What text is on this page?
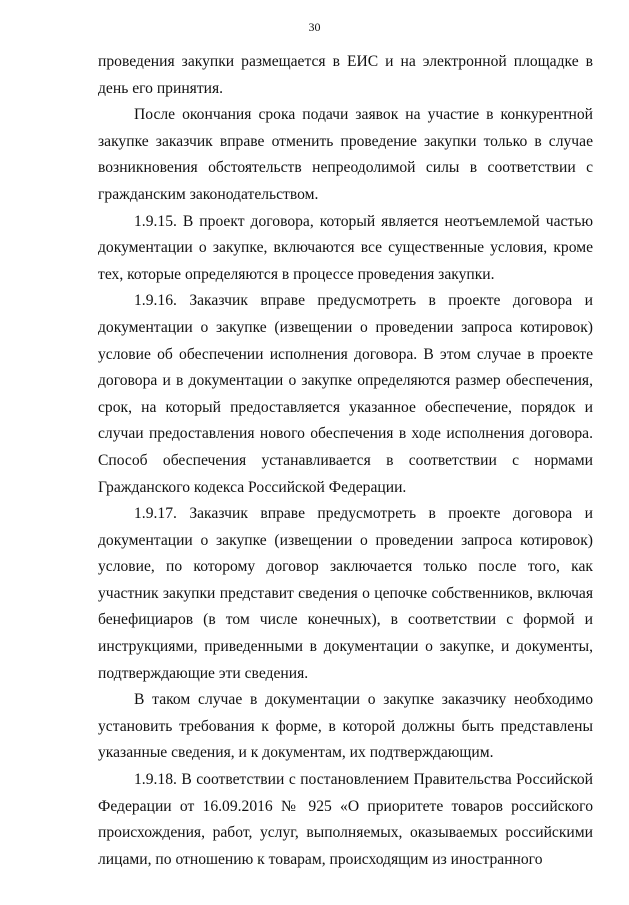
30

проведения закупки размещается в ЕИС и на электронной площадке в день его принятия.

После окончания срока подачи заявок на участие в конкурентной закупке заказчик вправе отменить проведение закупки только в случае возникновения обстоятельств непреодолимой силы в соответствии с гражданским законодательством.

1.9.15. В проект договора, который является неотъемлемой частью документации о закупке, включаются все существенные условия, кроме тех, которые определяются в процессе проведения закупки.

1.9.16. Заказчик вправе предусмотреть в проекте договора и документации о закупке (извещении о проведении запроса котировок) условие об обеспечении исполнения договора. В этом случае в проекте договора и в документации о закупке определяются размер обеспечения, срок, на который предоставляется указанное обеспечение, порядок и случаи предоставления нового обеспечения в ходе исполнения договора. Способ обеспечения устанавливается в соответствии с нормами Гражданского кодекса Российской Федерации.

1.9.17. Заказчик вправе предусмотреть в проекте договора и документации о закупке (извещении о проведении запроса котировок) условие, по которому договор заключается только после того, как участник закупки представит сведения о цепочке собственников, включая бенефициаров (в том числе конечных), в соответствии с формой и инструкциями, приведенными в документации о закупке, и документы, подтверждающие эти сведения.

В таком случае в документации о закупке заказчику необходимо установить требования к форме, в которой должны быть представлены указанные сведения, и к документам, их подтверждающим.

1.9.18. В соответствии с постановлением Правительства Российской Федерации от 16.09.2016 № 925 «О приоритете товаров российского происхождения, работ, услуг, выполняемых, оказываемых российскими лицами, по отношению к товарам, происходящим из иностранного
